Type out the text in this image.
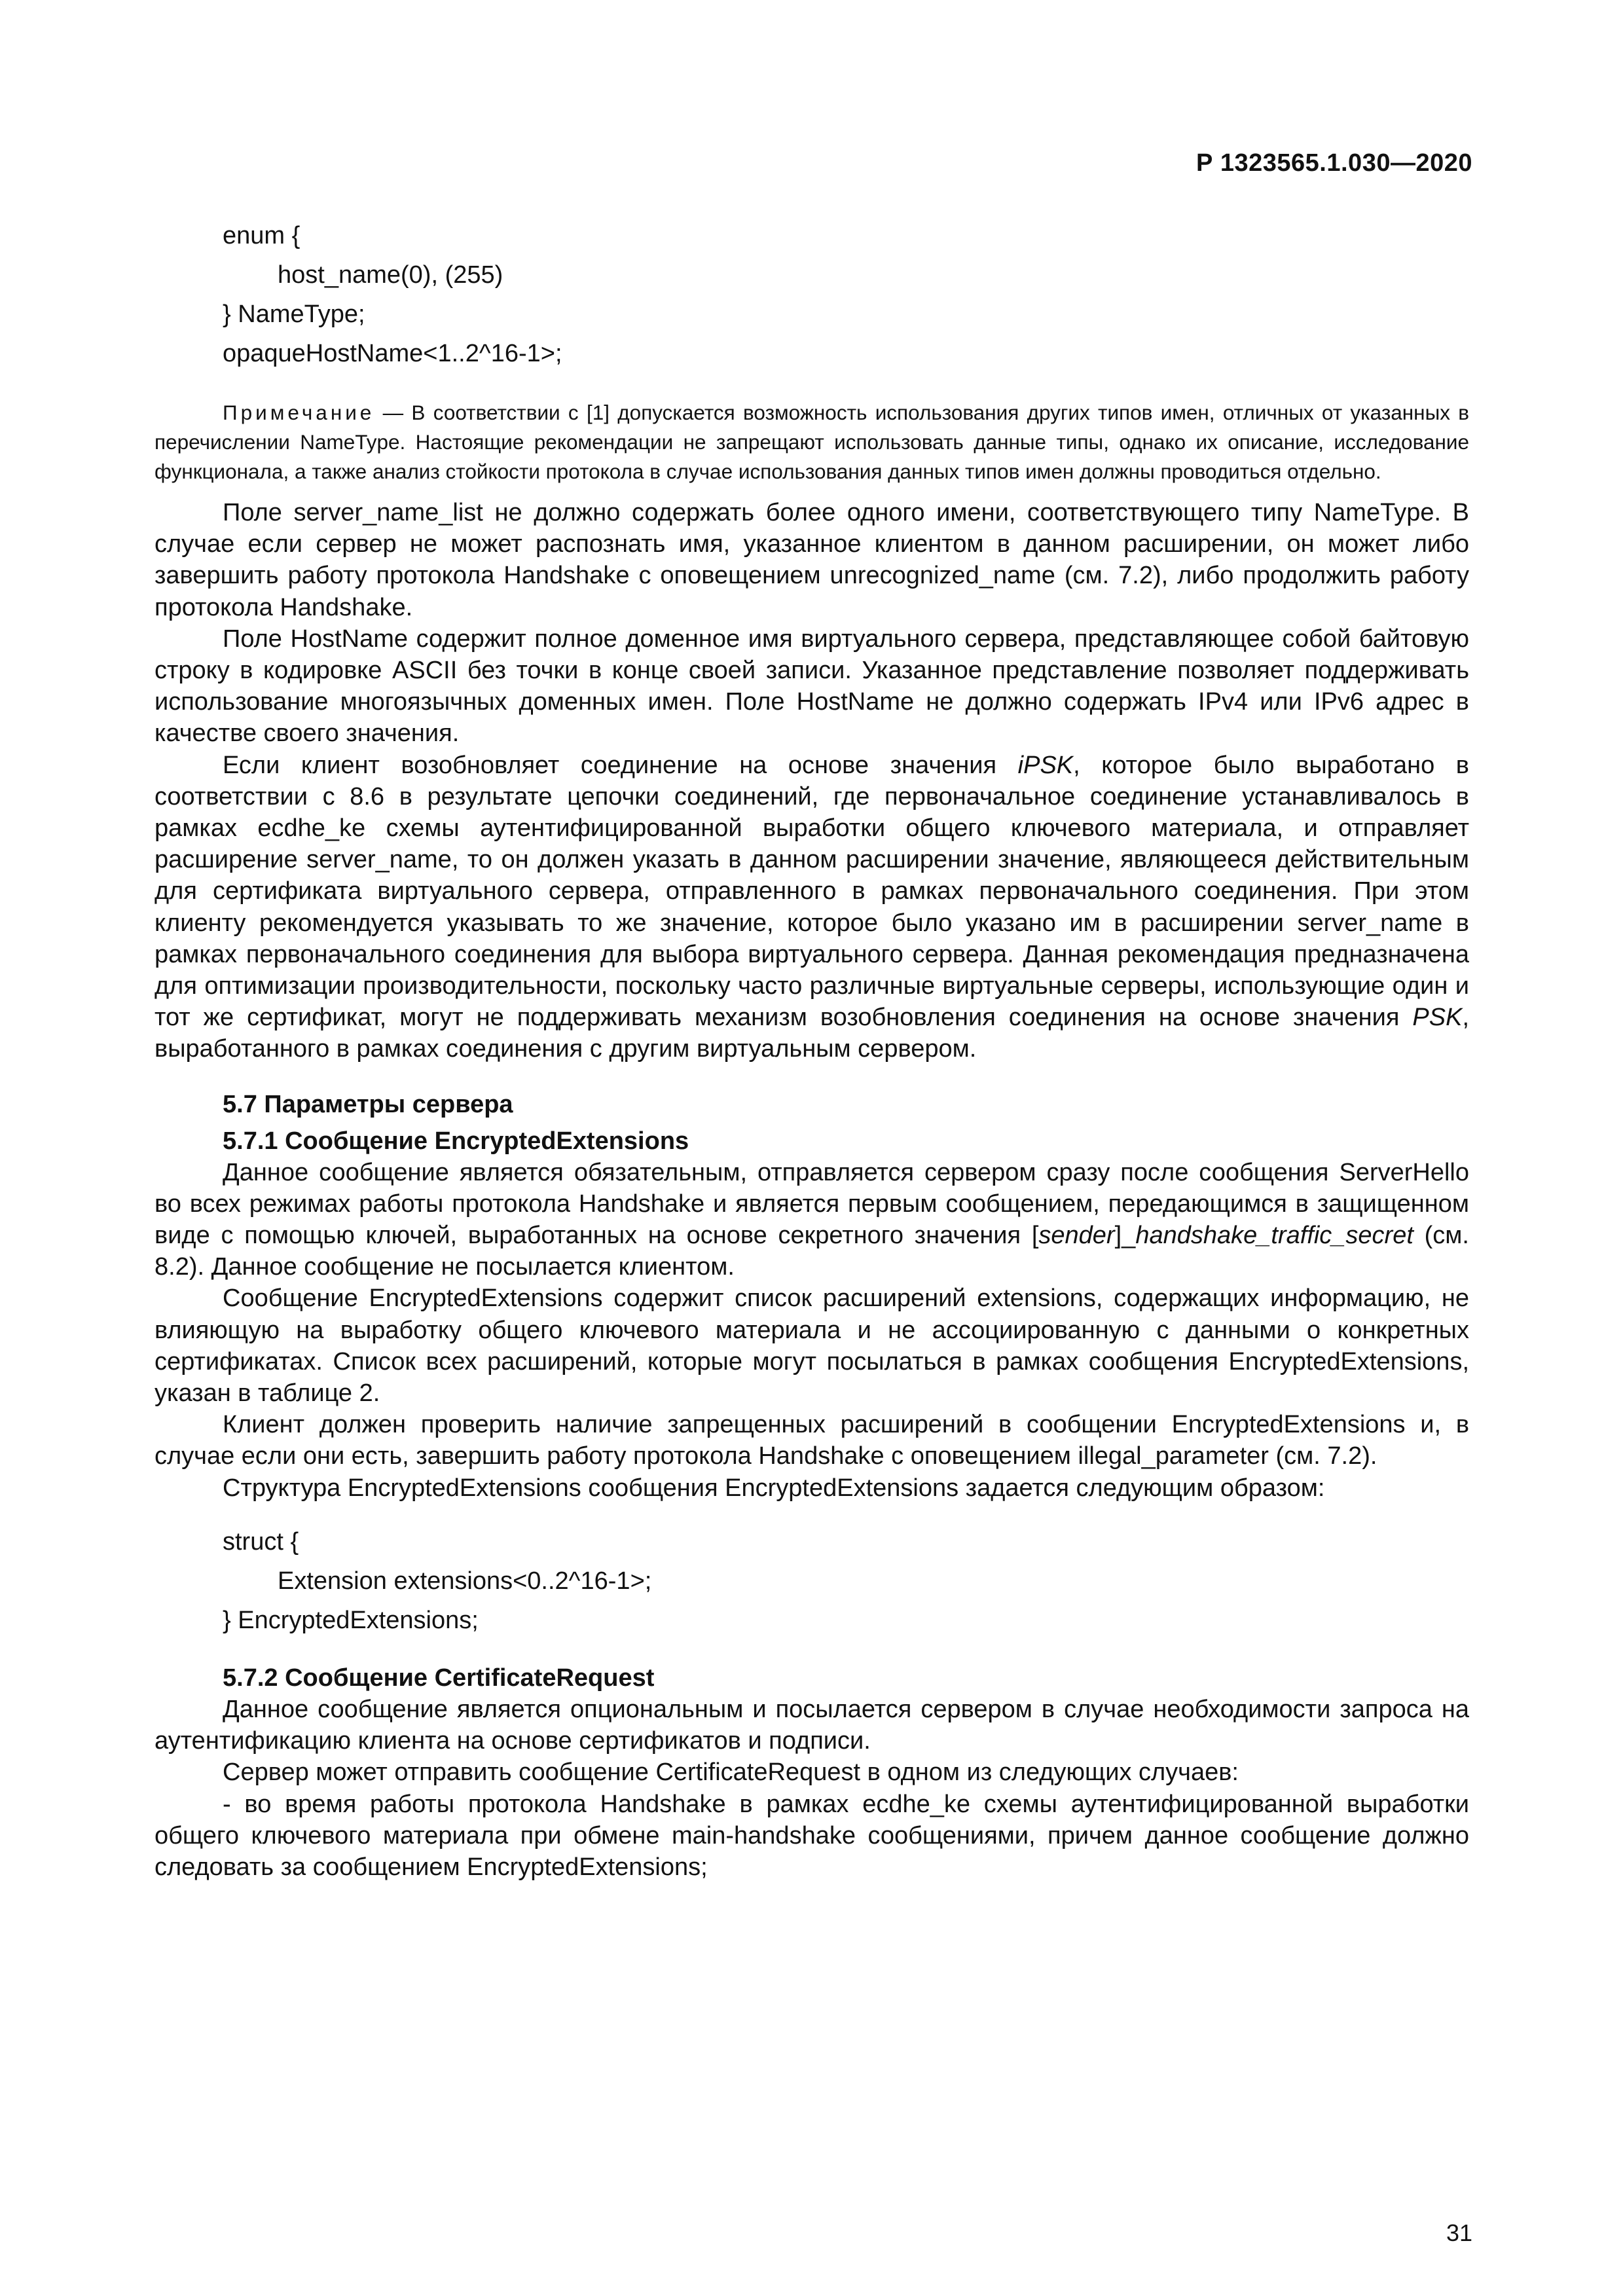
Р 1323565.1.030—2020
enum {
host_name(0), (255)
} NameType;
opaqueHostName<1..2^16-1>;
Примечание — В соответствии с [1] допускается возможность использования других типов имен, отличных от указанных в перечислении NameType. Настоящие рекомендации не запрещают использовать данные типы, однако их описание, исследование функционала, а также анализ стойкости протокола в случае использования данных типов имен должны проводиться отдельно.

Поле server_name_list не должно содержать более одного имени, соответствующего типу NameType. В случае если сервер не может распознать имя, указанное клиентом в данном расширении, он может либо завершить работу протокола Handshake с оповещением unrecognized_name (см. 7.2), либо продолжить работу протокола Handshake.

Поле HostName содержит полное доменное имя виртуального сервера, представляющее собой байтовую строку в кодировке ASCII без точки в конце своей записи. Указанное представление позволяет поддерживать использование многоязычных доменных имен. Поле HostName не должно содержать IPv4 или IPv6 адрес в качестве своего значения.

Если клиент возобновляет соединение на основе значения iPSK, которое было выработано в соответствии с 8.6 в результате цепочки соединений, где первоначальное соединение устанавливалось в рамках ecdhe_ke схемы аутентифицированной выработки общего ключевого материала, и отправляет расширение server_name, то он должен указать в данном расширении значение, являющееся действительным для сертификата виртуального сервера, отправленного в рамках первоначального соединения. При этом клиенту рекомендуется указывать то же значение, которое было указано им в расширении server_name в рамках первоначального соединения для выбора виртуального сервера. Данная рекомендация предназначена для оптимизации производительности, поскольку часто различные виртуальные серверы, использующие один и тот же сертификат, могут не поддерживать механизм возобновления соединения на основе значения PSK, выработанного в рамках соединения с другим виртуальным сервером.

5.7 Параметры сервера
5.7.1 Сообщение EncryptedExtensions

Данное сообщение является обязательным, отправляется сервером сразу после сообщения ServerHello во всех режимах работы протокола Handshake и является первым сообщением, передающимся в защищенном виде с помощью ключей, выработанных на основе секретного значения [sender]_handshake_traffic_secret (см. 8.2). Данное сообщение не посылается клиентом.

Сообщение EncryptedExtensions содержит список расширений extensions, содержащих информацию, не влияющую на выработку общего ключевого материала и не ассоциированную с данными о конкретных сертификатах. Список всех расширений, которые могут посылаться в рамках сообщения EncryptedExtensions, указан в таблице 2.

Клиент должен проверить наличие запрещенных расширений в сообщении EncryptedExtensions и, в случае если они есть, завершить работу протокола Handshake с оповещением illegal_parameter (см. 7.2).

Структура EncryptedExtensions сообщения EncryptedExtensions задается следующим образом:

struct {
Extension extensions<0..2^16-1>;
} EncryptedExtensions;
5.7.2 Сообщение CertificateRequest

Данное сообщение является опциональным и посылается сервером в случае необходимости запроса на аутентификацию клиента на основе сертификатов и подписи.

Сервер может отправить сообщение CertificateRequest в одном из следующих случаев:

- во время работы протокола Handshake в рамках ecdhe_ke схемы аутентифицированной выработки общего ключевого материала при обмене main-handshake сообщениями, причем данное сообщение должно следовать за сообщением EncryptedExtensions;

31
